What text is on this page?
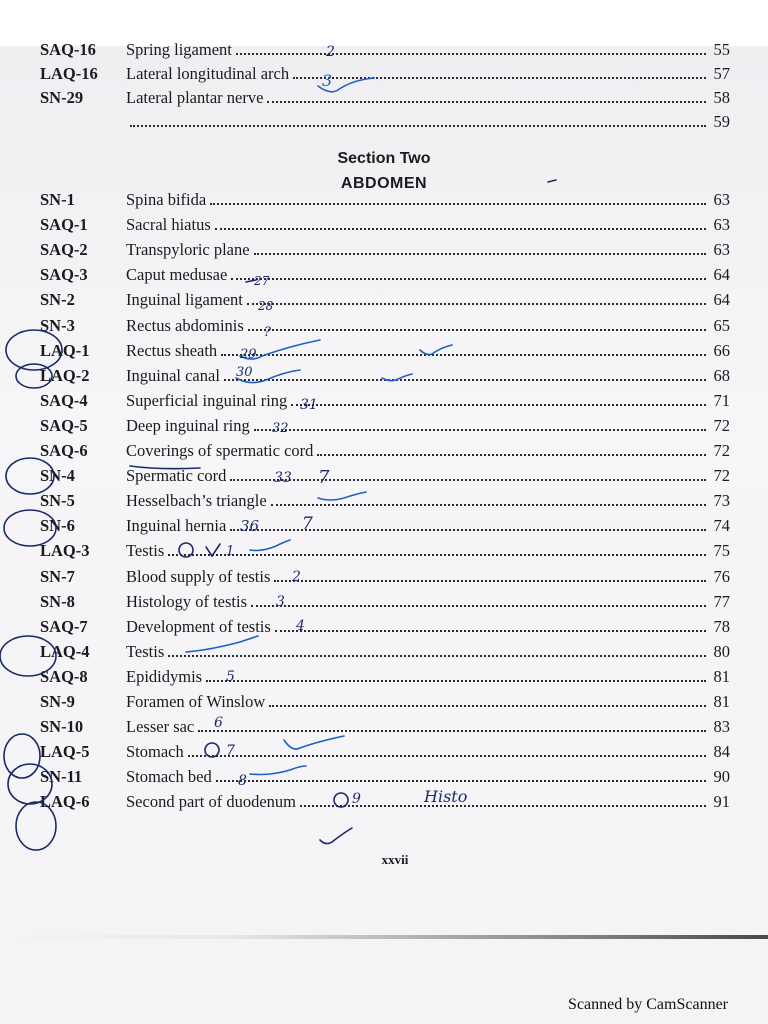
SAQ-16	Spring ligament	55
LAQ-16	Lateral longitudinal arch	57
SN-29	Lateral plantar nerve	58
59
Section Two
ABDOMEN
SN-1	Spina bifida	63
SAQ-1	Sacral hiatus	63
SAQ-2	Transpyloric plane	63
SAQ-3	Caput medusae	64
SN-2	Inguinal ligament	64
SN-3	Rectus abdominis	65
LAQ-1	Rectus sheath	66
LAQ-2	Inguinal canal	68
SAQ-4	Superficial inguinal ring	71
SAQ-5	Deep inguinal ring	72
SAQ-6	Coverings of spermatic cord	72
SN-4	Spermatic cord	72
SN-5	Hesselbach’s triangle	73
SN-6	Inguinal hernia	74
LAQ-3	Testis	75
SN-7	Blood supply of testis	76
SN-8	Histology of testis	77
SAQ-7	Development of testis	78
LAQ-4	Testis	80
SAQ-8	Epididymis	81
SN-9	Foramen of Winslow	81
SN-10	Lesser sac	83
LAQ-5	Stomach	84
SN-11	Stomach bed	90
LAQ-6	Second part of duodenum	91
xxvii
Scanned by CamScanner
2
3
27
28
?
29
30
31
32
33 7
36	7
1
2
3
4
5
6
7
8
9	Histo
